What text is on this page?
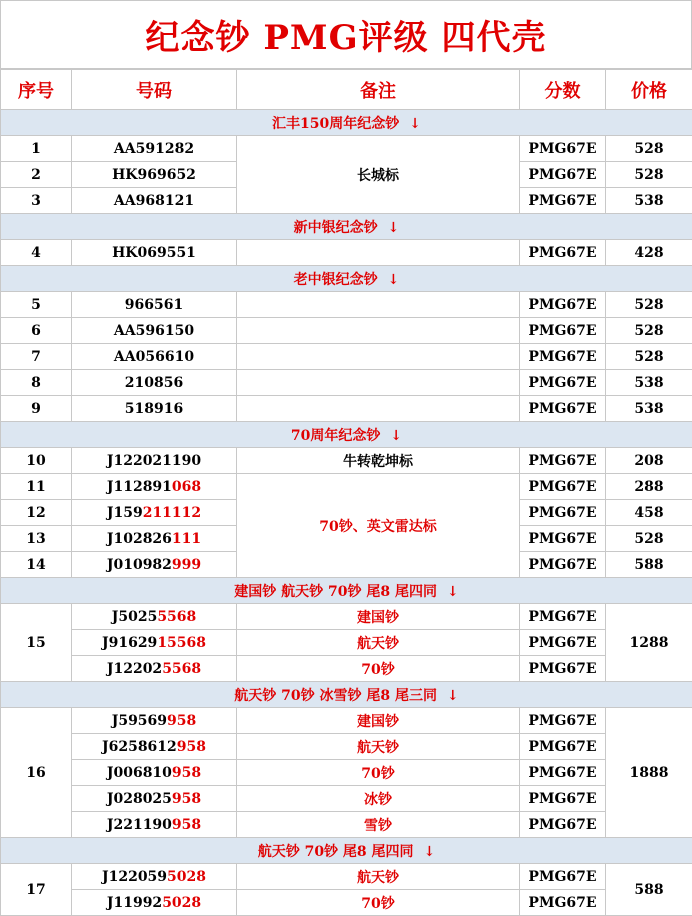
纪念钞 PMG评级 四代壳
序号	号码	备注	分数	价格
汇丰150周年纪念钞 ↓				
1	AA591282	长城标	PMG67E	528
2	HK969652		PMG67E	528
3	AA968121		PMG67E	538
新中银纪念钞 ↓				
4	HK069551		PMG67E	428
老中银纪念钞 ↓				
5	966561		PMG67E	528
6	AA596150		PMG67E	528
7	AA056610		PMG67E	528
8	210856		PMG67E	538
9	518916		PMG67E	538
70周年纪念钞 ↓				
10	J122021190	牛转乾坤标	PMG67E	208
11	J112891068	70钞、英文雷达标	PMG67E	288
12	J159211112		PMG67E	458
13	J102826111		PMG67E	528
14	J010982999		PMG67E	588
建国钞 航天钞 70钞 尾8 尾四同 ↓				
15	J50255568	建国钞	PMG67E	1288
	J9162915568	航天钞	PMG67E	
	J122025568	70钞	PMG67E	
航天钞 70钞 冰雪钞 尾8 尾三同 ↓				
16	J59569958	建国钞	PMG67E	1888
	J6258612958	航天钞	PMG67E	
	J006810958	70钞	PMG67E	
	J028025958	冰钞	PMG67E	
	J221190958	雪钞	PMG67E	
航天钞 70钞 尾8 尾四同 ↓				
17	J1220595028	航天钞	PMG67E	588
	J119925028	70钞	PMG67E	
